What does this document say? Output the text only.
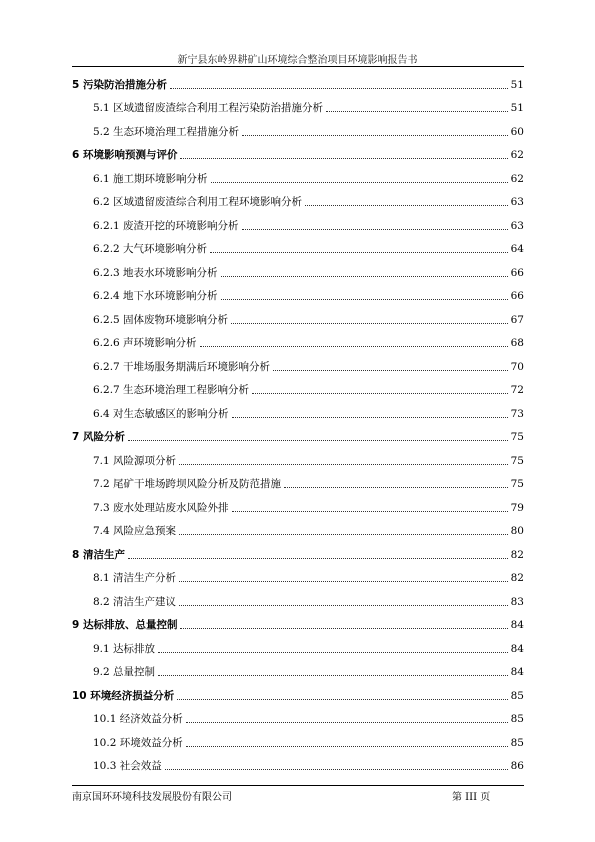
新宁县东岭界耕矿山环境综合整治项目环境影响报告书
5 污染防治措施分析	51
5.1 区域遗留废渣综合利用工程污染防治措施分析	51
5.2 生态环境治理工程措施分析	60
6 环境影响预测与评价	62
6.1 施工期环境影响分析	62
6.2 区域遗留废渣综合利用工程环境影响分析	63
6.2.1 废渣开挖的环境影响分析	63
6.2.2 大气环境影响分析	64
6.2.3 地表水环境影响分析	66
6.2.4 地下水环境影响分析	66
6.2.5 固体废物环境影响分析	67
6.2.6 声环境影响分析	68
6.2.7 干堆场服务期满后环境影响分析	70
6.2.7 生态环境治理工程影响分析	72
6.4 对生态敏感区的影响分析	73
7 风险分析	75
7.1 风险源项分析	75
7.2 尾矿干堆场跨坝风险分析及防范措施	75
7.3 废水处理站废水风险外排	79
7.4 风险应急预案	80
8 清洁生产	82
8.1 清洁生产分析	82
8.2 清洁生产建议	83
9 达标排放、总量控制	84
9.1 达标排放	84
9.2 总量控制	84
10 环境经济损益分析	85
10.1 经济效益分析	85
10.2 环境效益分析	85
10.3 社会效益	86
南京国环环境科技发展股份有限公司	第 III 页
